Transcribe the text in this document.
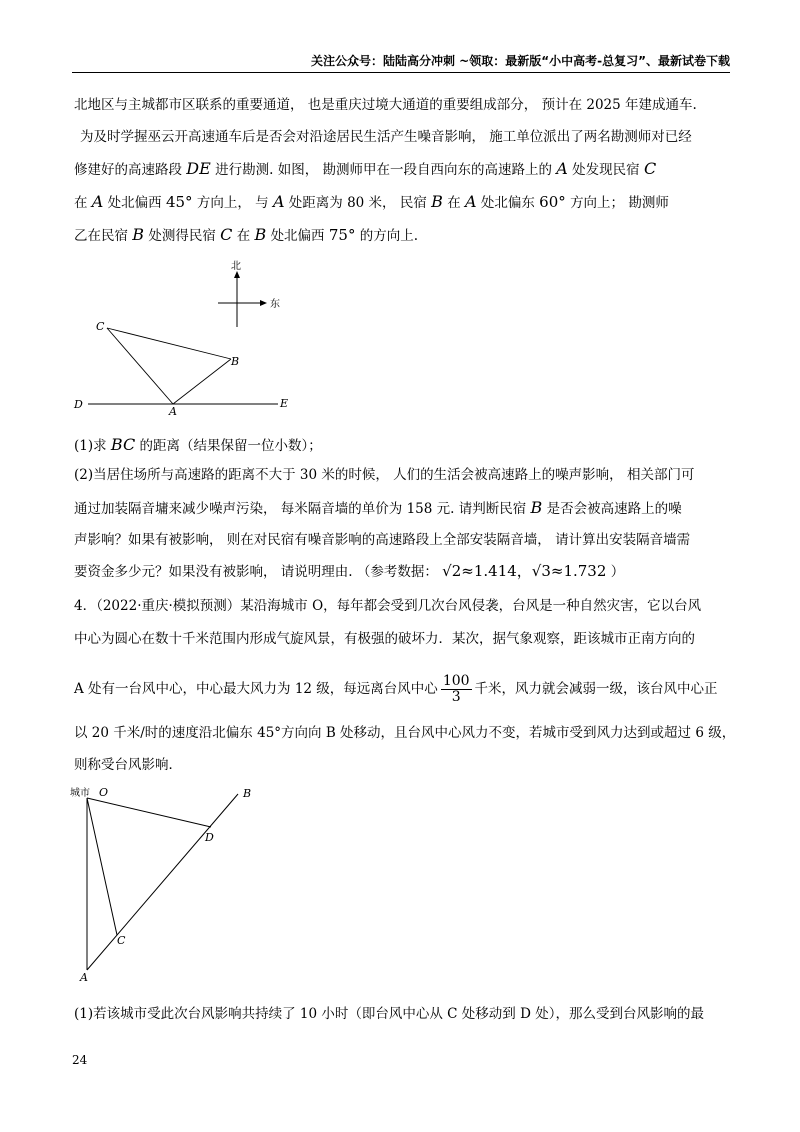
关注公众号：陆陆高分冲刺 ~领取：最新版“小中高考-总复习”、最新试卷下载
北地区与主城都市区联系的重要通道， 也是重庆过境大通道的重要组成部分， 预计在 2025 年建成通车.
为及时学握巫云开高速通车后是否会对沿途居民生活产生噪音影响， 施工单位派出了两名勘测师对已经
修建好的高速路段 DE 进行勘测. 如图， 勘测师甲在一段自西向东的高速路上的 A 处发现民宿 C
在 A 处北偏西 45° 方向上， 与 A 处距离为 80 米， 民宿 B 在 A 处北偏东 60° 方向上； 勘测师
乙在民宿 B 处测得民宿 C 在 B 处北偏西 75° 的方向上.
北
东
C
B
A
D	E
(1)求 BC 的距离（结果保留一位小数）；
(2)当居住场所与高速路的距离不大于 30 米的时候， 人们的生活会被高速路上的噪声影响， 相关部门可
通过加装隔音墉来减少噪声污染， 每米隔音墙的单价为 158 元. 请判断民宿 B 是否会被高速路上的噪
声影响？如果有被影响， 则在对民宿有噪音影响的高速路段上全部安装隔音墙， 请计算出安装隔音墙需
要资金多少元？如果没有被影响， 请说明理由. （参考数据： √2≈1.414，√3≈1.732 ）
4．（2022·重庆·模拟预测）某沿海城市 O，每年都会受到几次台风侵袭，台风是一种自然灾害，它以台风
中心为圆心在数十千米范围内形成气旋风景，有极强的破坏力．某次，据气象观察，距该城市正南方向的
A 处有一台风中心，中心最大风力为 12 级，每远离台风中心 $\frac{100}{3}$ 千米，风力就会减弱一级，该台风中心正
以 20 千米/时的速度沿北偏东 45°方向向 B 处移动，且台风中心风力不变，若城市受到风力达到或超过 6 级，
则称受台风影响．
城市 O	B
D
C
A
(1)若该城市受此次台风影响共持续了 10 小时（即台风中心从 C 处移动到 D 处），那么受到台风影响的最
24
